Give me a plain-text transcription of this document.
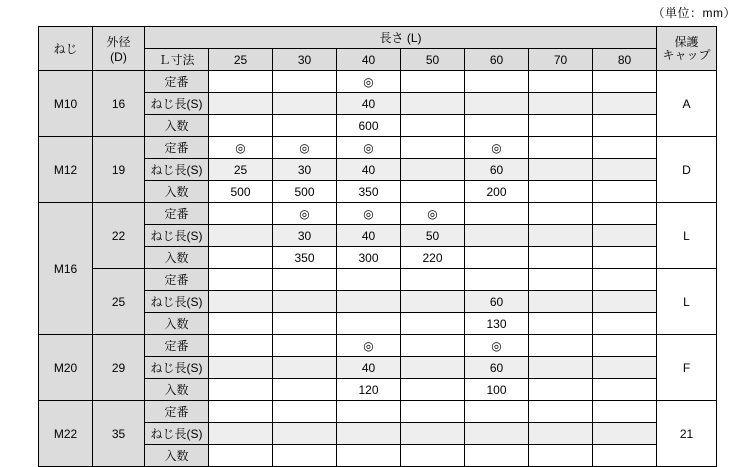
（単位：mm）
ねじ	外径
(D)
	長さ (L)	保護
キャップ

		Ｌ寸法	25	30	40	50	60	70	80	
M10	16	定番			◎					A
		ねじ長(S)			40					
		入数			600					
M12	19	定番	◎	◎	◎		◎			D
		ねじ長(S)	25	30	40		60			
		入数	500	500	350		200			
M16	22	定番		◎	◎	◎				L
		ねじ長(S)		30	40	50				
		入数		350	300	220				
	25	定番								L
		ねじ長(S)					60			
		入数					130			
M20	29	定番			◎		◎			F
		ねじ長(S)			40		60			
		入数			120		100			
M22	35	定番								21
		ねじ長(S)								
		入数								
